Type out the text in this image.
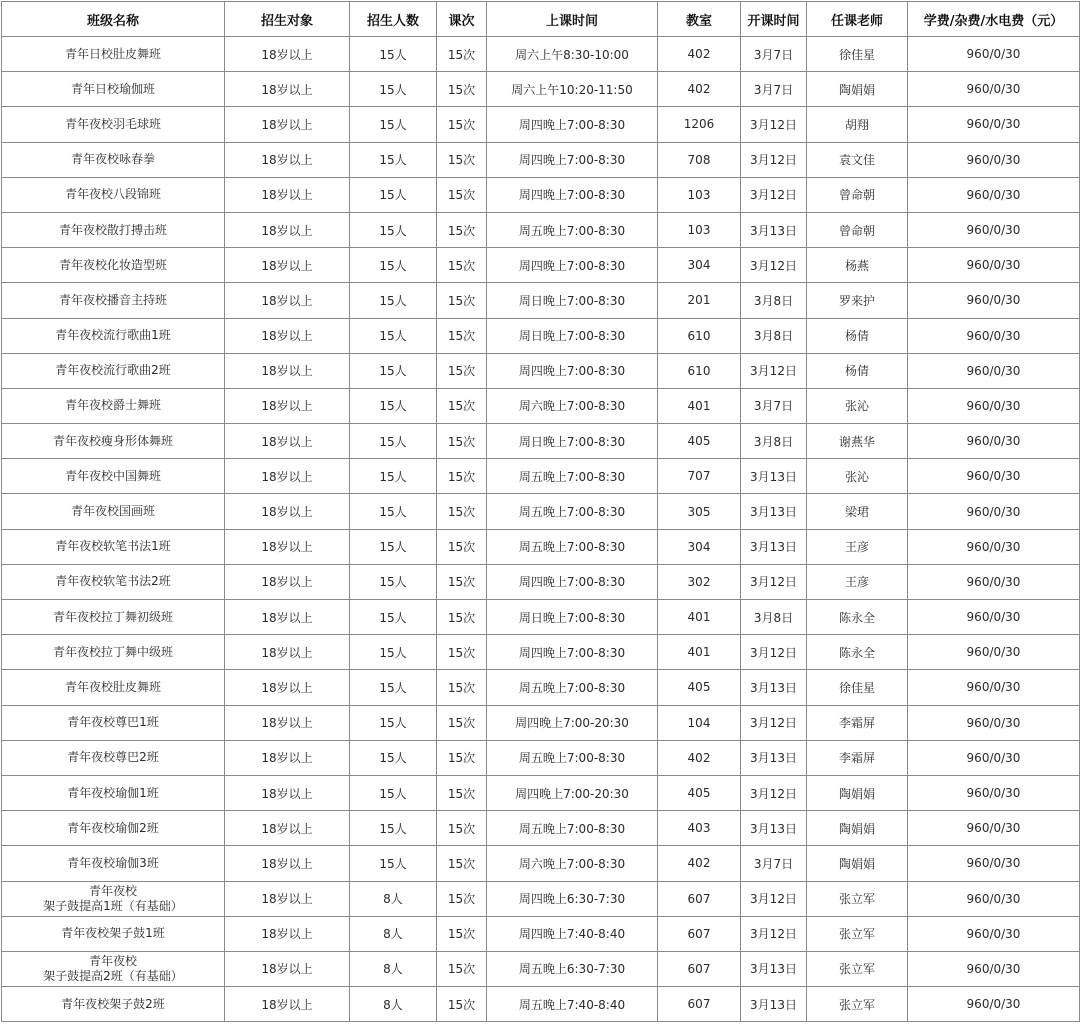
班级名称	招生对象	招生人数	课次	上课时间	教室	开课时间	任课老师	学费/杂费/水电费（元）

青年日校肚皮舞班	18岁以上	15人	15次	周六上午8:30-10:00	402	3月7日	徐佳星	960/0/30

青年日校瑜伽班	18岁以上	15人	15次	周六上午10:20-11:50	402	3月7日	陶娟娟	960/0/30

青年夜校羽毛球班	18岁以上	15人	15次	周四晚上7:00-8:30	1206	3月12日	胡翔	960/0/30

青年夜校咏春拳	18岁以上	15人	15次	周四晚上7:00-8:30	708	3月12日	袁文佳	960/0/30

青年夜校八段锦班	18岁以上	15人	15次	周四晚上7:00-8:30	103	3月12日	曾命朝	960/0/30

青年夜校散打搏击班	18岁以上	15人	15次	周五晚上7:00-8:30	103	3月13日	曾命朝	960/0/30

青年夜校化妆造型班	18岁以上	15人	15次	周四晚上7:00-8:30	304	3月12日	杨燕	960/0/30

青年夜校播音主持班	18岁以上	15人	15次	周日晚上7:00-8:30	201	3月8日	罗来护	960/0/30

青年夜校流行歌曲1班	18岁以上	15人	15次	周日晚上7:00-8:30	610	3月8日	杨倩	960/0/30

青年夜校流行歌曲2班	18岁以上	15人	15次	周四晚上7:00-8:30	610	3月12日	杨倩	960/0/30

青年夜校爵士舞班	18岁以上	15人	15次	周六晚上7:00-8:30	401	3月7日	张沁	960/0/30

青年夜校瘦身形体舞班	18岁以上	15人	15次	周日晚上7:00-8:30	405	3月8日	谢燕华	960/0/30

青年夜校中国舞班	18岁以上	15人	15次	周五晚上7:00-8:30	707	3月13日	张沁	960/0/30

青年夜校国画班	18岁以上	15人	15次	周五晚上7:00-8:30	305	3月13日	梁珺	960/0/30

青年夜校软笔书法1班	18岁以上	15人	15次	周五晚上7:00-8:30	304	3月13日	王彦	960/0/30

青年夜校软笔书法2班	18岁以上	15人	15次	周四晚上7:00-8:30	302	3月12日	王彦	960/0/30

青年夜校拉丁舞初级班	18岁以上	15人	15次	周日晚上7:00-8:30	401	3月8日	陈永全	960/0/30

青年夜校拉丁舞中级班	18岁以上	15人	15次	周四晚上7:00-8:30	401	3月12日	陈永全	960/0/30

青年夜校肚皮舞班	18岁以上	15人	15次	周五晚上7:00-8:30	405	3月13日	徐佳星	960/0/30

青年夜校尊巴1班	18岁以上	15人	15次	周四晚上7:00-20:30	104	3月12日	李霜屏	960/0/30

青年夜校尊巴2班	18岁以上	15人	15次	周五晚上7:00-8:30	402	3月13日	李霜屏	960/0/30

青年夜校瑜伽1班	18岁以上	15人	15次	周四晚上7:00-20:30	405	3月12日	陶娟娟	960/0/30

青年夜校瑜伽2班	18岁以上	15人	15次	周五晚上7:00-8:30	403	3月13日	陶娟娟	960/0/30

青年夜校瑜伽3班	18岁以上	15人	15次	周六晚上7:00-8:30	402	3月7日	陶娟娟	960/0/30

青年夜校
架子鼓提高1班（有基础）	18岁以上	8人	15次	周四晚上6:30-7:30	607	3月12日	张立军	960/0/30

青年夜校架子鼓1班	18岁以上	8人	15次	周四晚上7:40-8:40	607	3月12日	张立军	960/0/30

青年夜校
架子鼓提高2班（有基础）	18岁以上	8人	15次	周五晚上6:30-7:30	607	3月13日	张立军	960/0/30

青年夜校架子鼓2班	18岁以上	8人	15次	周五晚上7:40-8:40	607	3月13日	张立军	960/0/30
